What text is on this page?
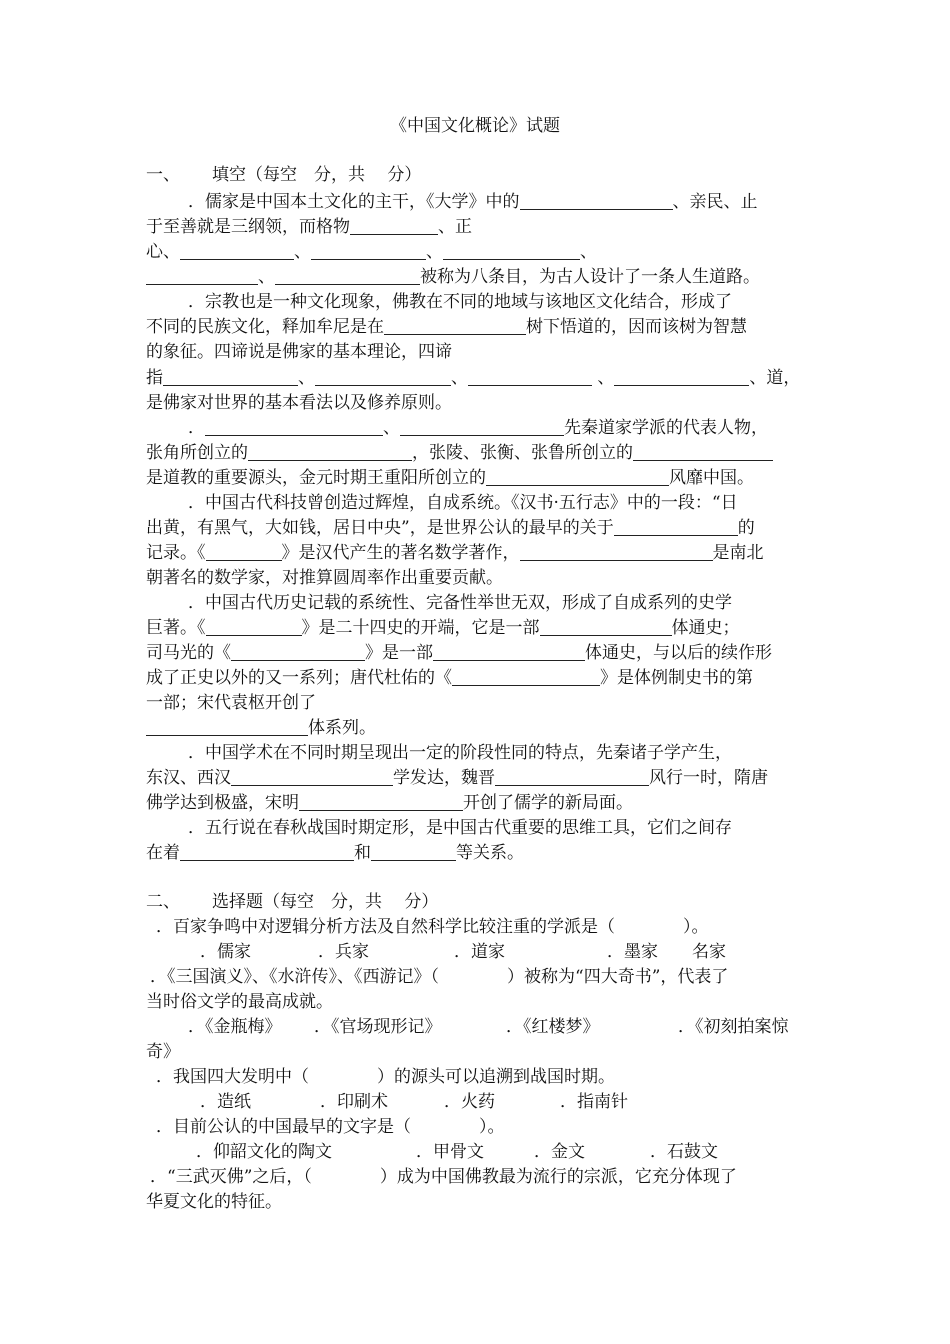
《中国文化概论》试题
一、 填空（每空　分，共　 分）
．儒家是中国本土文化的主干，《大学》中的	、亲民、止
于至善就是三纲领，而格物	、正
心、	、	、	、
、	被称为八条目，为古人设计了一条人生道路。
．宗教也是一种文化现象，佛教在不同的地域与该地区文化结合，形成了
不同的民族文化，释加牟尼是在	树下悟道的，因而该树为智慧
的象征。四谛说是佛家的基本理论，四谛
指	、	、	、	、道，
是佛家对世界的基本看法以及修养原则。
．	、	先秦道家学派的代表人物，
张角所创立的	，张陵、张衡、张鲁所创立的
是道教的重要源头，金元时期王重阳所创立的	风靡中国。
．中国古代科技曾创造过辉煌，自成系统。《汉书·五行志》中的一段：“日
出黄，有黑气，大如钱，居日中央”，是世界公认的最早的关于	的
记录。《	》是汉代产生的著名数学著作，	是南北
朝著名的数学家，对推算圆周率作出重要贡献。
．中国古代历史记载的系统性、完备性举世无双，形成了自成系列的史学
巨著。《	》是二十四史的开端，它是一部	体通史；
司马光的《	》是一部	体通史，与以后的续作形
成了正史以外的又一系列；唐代杜佑的《	》是体例制史书的第
一部；宋代袁枢开创了
体系列。
．中国学术在不同时期呈现出一定的阶段性同的特点，先秦诸子学产生，
东汉、西汉	学发达，魏晋	风行一时，隋唐
佛学达到极盛，宋明	开创了儒学的新局面。
．五行说在春秋战国时期定形，是中国古代重要的思维工具，它们之间存
在着	和	等关系。
二、 选择题（每空　分，共　 分）
．百家争鸣中对逻辑分析方法及自然科学比较注重的学派是（　　　　）。
．儒家	．兵家	．道家	．墨家 名家
．《三国演义》、《水浒传》、《西游记》（　　　　）被称为“四大奇书”，代表了
当时俗文学的最高成就。
．《金瓶梅》 ．《官场现形记》	．《红楼梦》	．《初刻拍案惊
奇》
．我国四大发明中（　　　　）的源头可以追溯到战国时期。
．造纸	．印刷术	．火药	．指南针
．目前公认的中国最早的文字是（　　　　）。
．仰韶文化的陶文	．甲骨文	．金文	．石鼓文
．“三武灭佛”之后，（　　　　）成为中国佛教最为流行的宗派，它充分体现了
华夏文化的特征。
